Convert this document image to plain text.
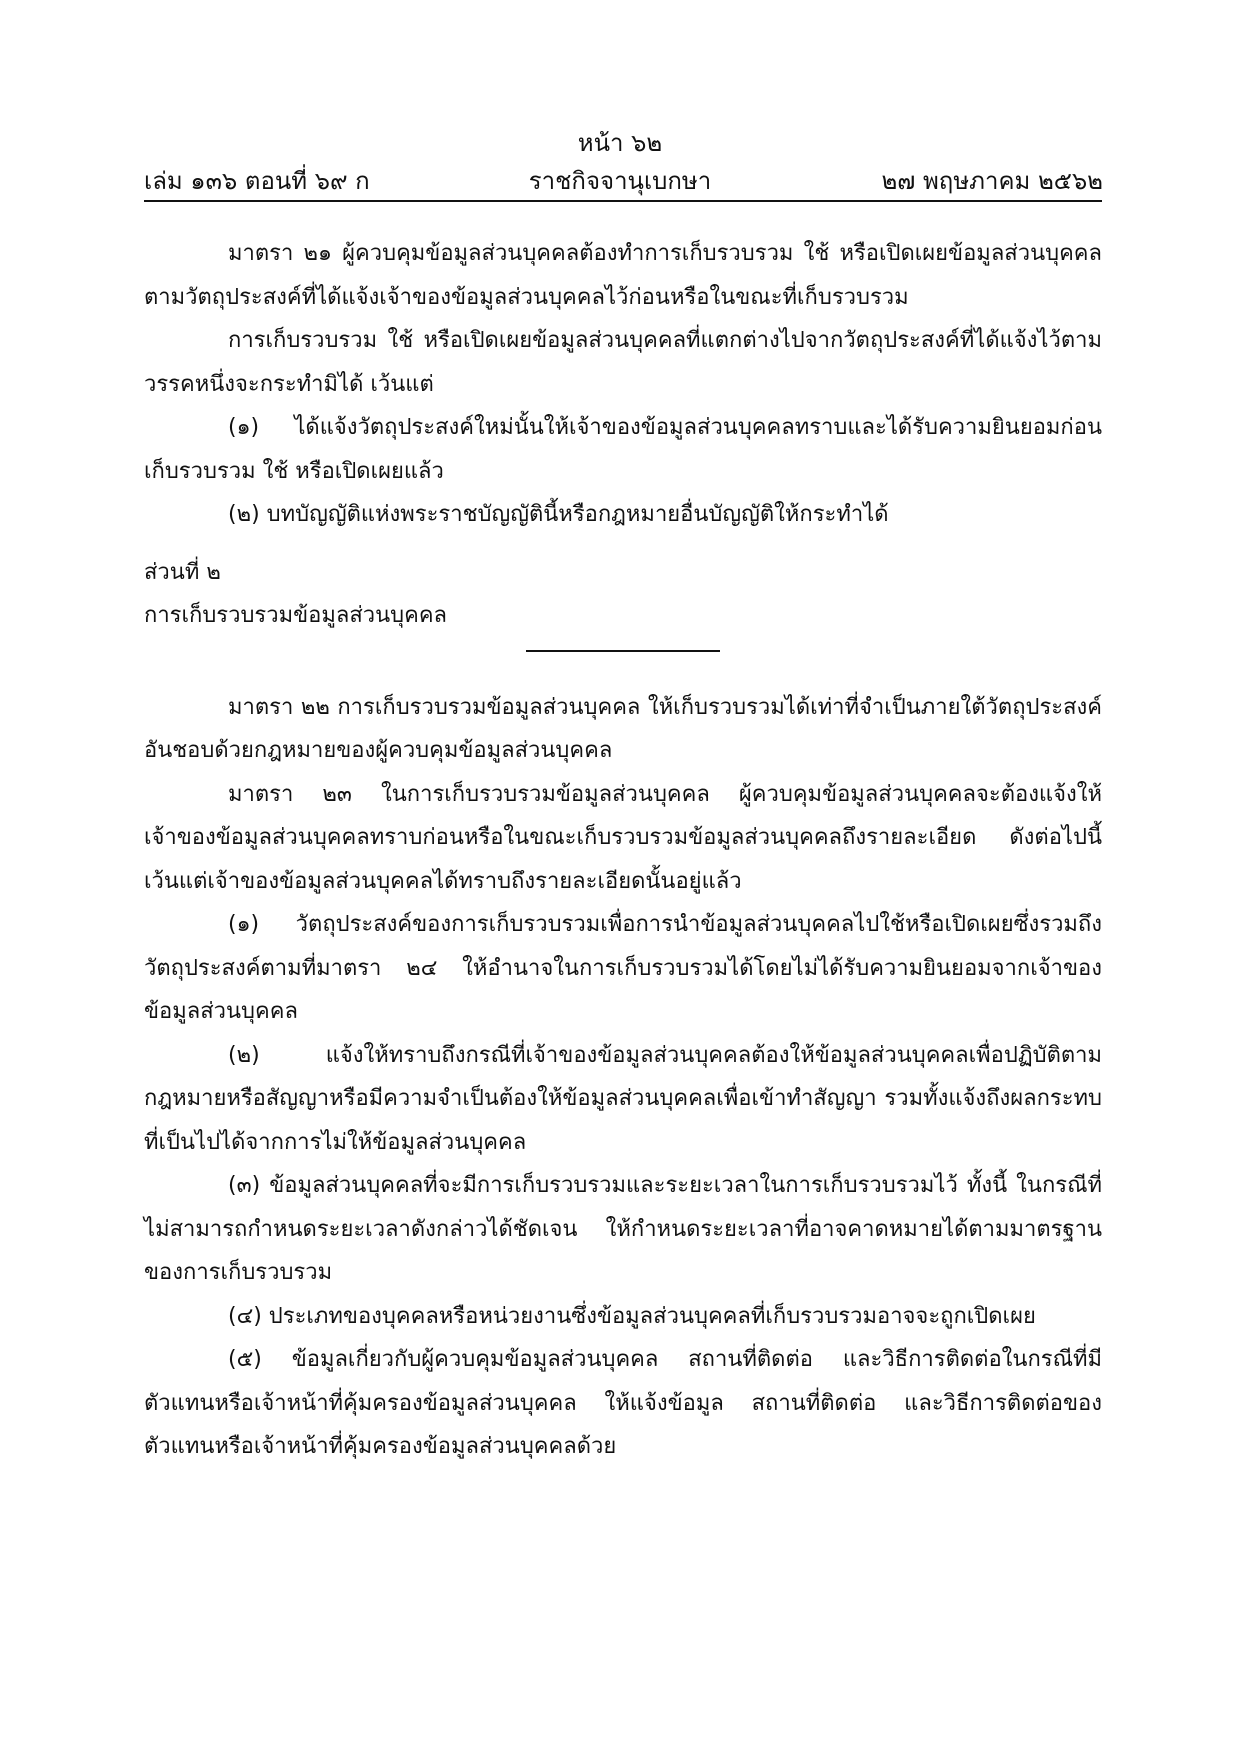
หน้า ๖๒
เล่ม ๑๓๖ ตอนที่ ๖๙ ก	ราชกิจจานุเบกษา	๒๗ พฤษภาคม ๒๕๖๒

มาตรา ๒๑ ผู้ควบคุมข้อมูลส่วนบุคคลต้องทำการเก็บรวบรวม ใช้ หรือเปิดเผยข้อมูลส่วนบุคคลตามวัตถุประสงค์ที่ได้แจ้งเจ้าของข้อมูลส่วนบุคคลไว้ก่อนหรือในขณะที่เก็บรวบรวม

การเก็บรวบรวม ใช้ หรือเปิดเผยข้อมูลส่วนบุคคลที่แตกต่างไปจากวัตถุประสงค์ที่ได้แจ้งไว้ตามวรรคหนึ่งจะกระทำมิได้ เว้นแต่

(๑) ได้แจ้งวัตถุประสงค์ใหม่นั้นให้เจ้าของข้อมูลส่วนบุคคลทราบและได้รับความยินยอมก่อนเก็บรวบรวม ใช้ หรือเปิดเผยแล้ว

(๒) บทบัญญัติแห่งพระราชบัญญัตินี้หรือกฎหมายอื่นบัญญัติให้กระทำได้

ส่วนที่ ๒

การเก็บรวบรวมข้อมูลส่วนบุคคล

มาตรา ๒๒ การเก็บรวบรวมข้อมูลส่วนบุคคล ให้เก็บรวบรวมได้เท่าที่จำเป็นภายใต้วัตถุประสงค์อันชอบด้วยกฎหมายของผู้ควบคุมข้อมูลส่วนบุคคล

มาตรา ๒๓ ในการเก็บรวบรวมข้อมูลส่วนบุคคล ผู้ควบคุมข้อมูลส่วนบุคคลจะต้องแจ้งให้เจ้าของข้อมูลส่วนบุคคลทราบก่อนหรือในขณะเก็บรวบรวมข้อมูลส่วนบุคคลถึงรายละเอียด ดังต่อไปนี้ เว้นแต่เจ้าของข้อมูลส่วนบุคคลได้ทราบถึงรายละเอียดนั้นอยู่แล้ว

(๑) วัตถุประสงค์ของการเก็บรวบรวมเพื่อการนำข้อมูลส่วนบุคคลไปใช้หรือเปิดเผยซึ่งรวมถึงวัตถุประสงค์ตามที่มาตรา ๒๔ ให้อำนาจในการเก็บรวบรวมได้โดยไม่ได้รับความยินยอมจากเจ้าของข้อมูลส่วนบุคคล

(๒) แจ้งให้ทราบถึงกรณีที่เจ้าของข้อมูลส่วนบุคคลต้องให้ข้อมูลส่วนบุคคลเพื่อปฏิบัติตามกฎหมายหรือสัญญาหรือมีความจำเป็นต้องให้ข้อมูลส่วนบุคคลเพื่อเข้าทำสัญญา รวมทั้งแจ้งถึงผลกระทบที่เป็นไปได้จากการไม่ให้ข้อมูลส่วนบุคคล

(๓) ข้อมูลส่วนบุคคลที่จะมีการเก็บรวบรวมและระยะเวลาในการเก็บรวบรวมไว้ ทั้งนี้ ในกรณีที่ไม่สามารถกำหนดระยะเวลาดังกล่าวได้ชัดเจน ให้กำหนดระยะเวลาที่อาจคาดหมายได้ตามมาตรฐานของการเก็บรวบรวม

(๔) ประเภทของบุคคลหรือหน่วยงานซึ่งข้อมูลส่วนบุคคลที่เก็บรวบรวมอาจจะถูกเปิดเผย

(๕) ข้อมูลเกี่ยวกับผู้ควบคุมข้อมูลส่วนบุคคล สถานที่ติดต่อ และวิธีการติดต่อในกรณีที่มีตัวแทนหรือเจ้าหน้าที่คุ้มครองข้อมูลส่วนบุคคล ให้แจ้งข้อมูล สถานที่ติดต่อ และวิธีการติดต่อของตัวแทนหรือเจ้าหน้าที่คุ้มครองข้อมูลส่วนบุคคลด้วย
